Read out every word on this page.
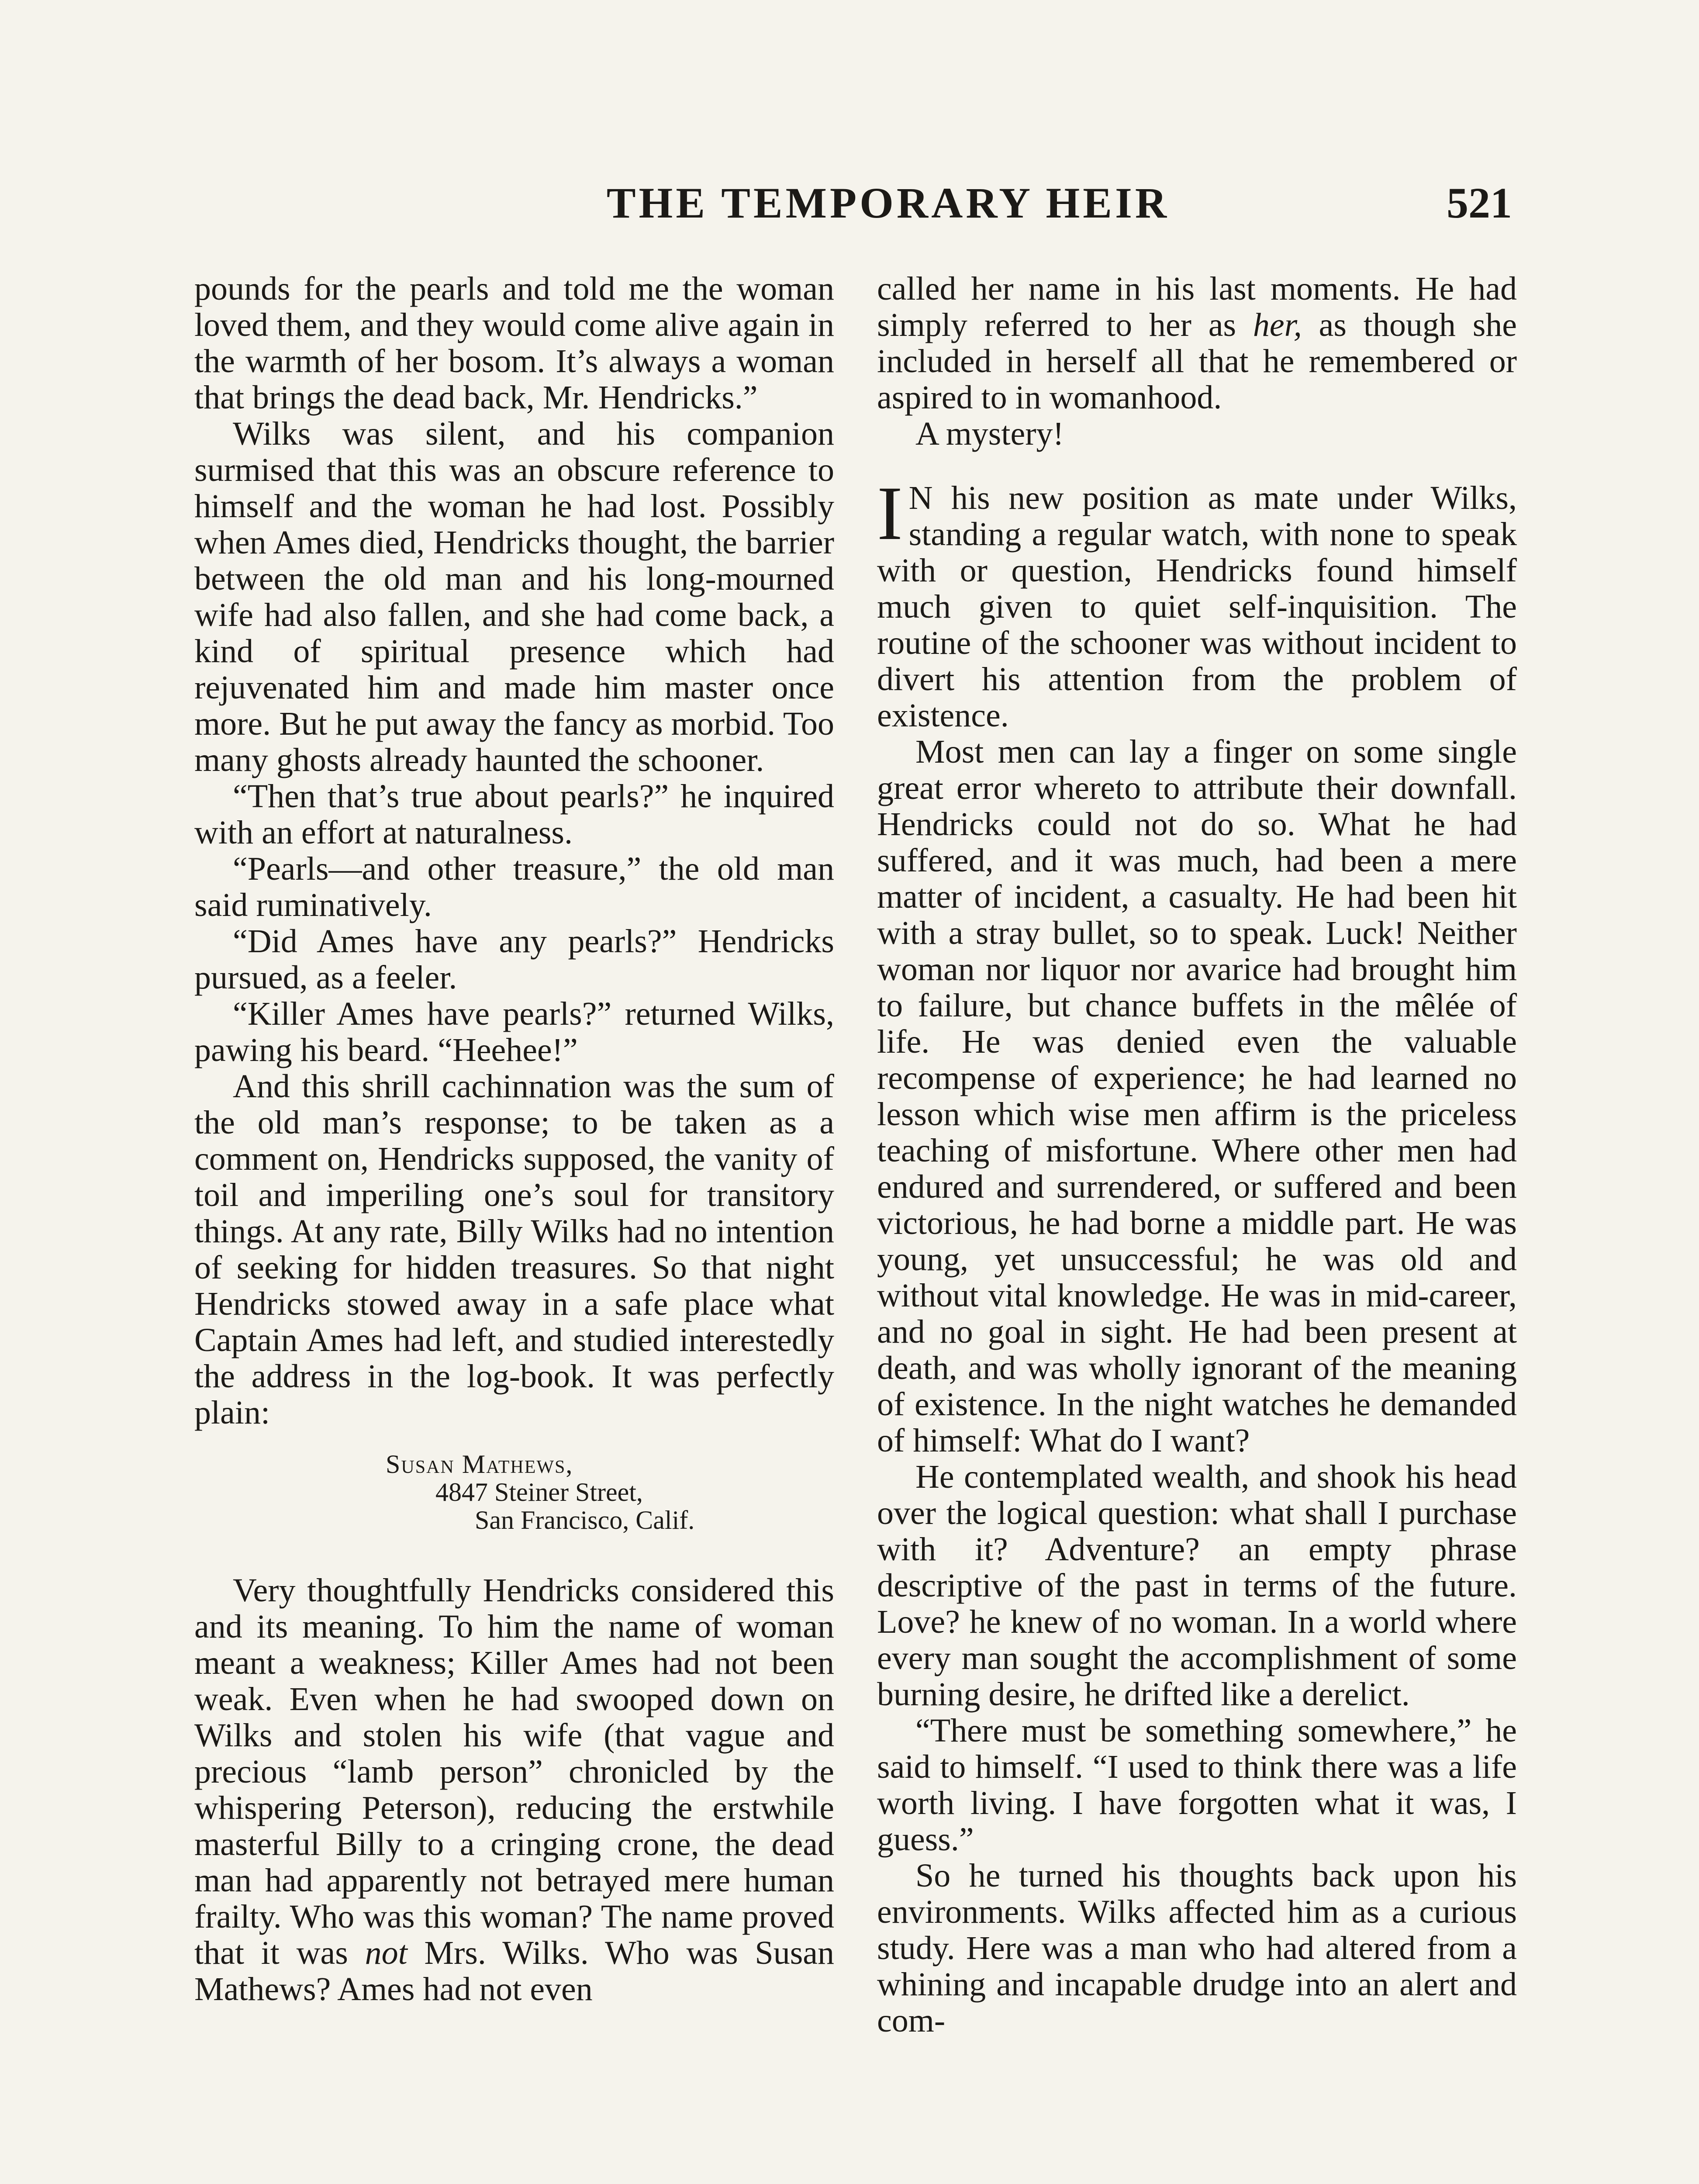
THE TEMPORARY HEIR	521

pounds for the pearls and told me the woman loved them, and they would come alive again in the warmth of her bosom. It’s always a woman that brings the dead back, Mr. Hendricks.”

Wilks was silent, and his companion surmised that this was an obscure reference to himself and the woman he had lost. Possibly when Ames died, Hendricks thought, the barrier between the old man and his long-mourned wife had also fallen, and she had come back, a kind of spiritual presence which had rejuvenated him and made him master once more. But he put away the fancy as morbid. Too many ghosts already haunted the schooner.

“Then that’s true about pearls?” he inquired with an effort at naturalness.

“Pearls—and other treasure,” the old man said ruminatively.

“Did Ames have any pearls?” Hendricks pursued, as a feeler.

“Killer Ames have pearls?” returned Wilks, pawing his beard. “Heehee!”

And this shrill cachinnation was the sum of the old man’s response; to be taken as a comment on, Hendricks supposed, the vanity of toil and imperiling one’s soul for transitory things. At any rate, Billy Wilks had no intention of seeking for hidden treasures. So that night Hendricks stowed away in a safe place what Captain Ames had left, and studied interestedly the address in the log-book. It was perfectly plain:

Susan Mathews,
4847 Steiner Street,
San Francisco, Calif.

Very thoughtfully Hendricks considered this and its meaning. To him the name of woman meant a weakness; Killer Ames had not been weak. Even when he had swooped down on Wilks and stolen his wife (that vague and precious “lamb person” chronicled by the whispering Peterson), reducing the erstwhile masterful Billy to a cringing crone, the dead man had apparently not betrayed mere human frailty. Who was this woman? The name proved that it was not Mrs. Wilks. Who was Susan Mathews? Ames had not even

called her name in his last moments. He had simply referred to her as her, as though she included in herself all that he remembered or aspired to in womanhood.

A mystery!

I N his new position as mate under Wilks, standing a regular watch, with none to speak with or question, Hendricks found himself much given to quiet self-inquisition. The routine of the schooner was without incident to divert his attention from the problem of existence.

Most men can lay a finger on some single great error whereto to attribute their downfall. Hendricks could not do so. What he had suffered, and it was much, had been a mere matter of incident, a casualty. He had been hit with a stray bullet, so to speak. Luck! Neither woman nor liquor nor avarice had brought him to failure, but chance buffets in the mêlée of life. He was denied even the valuable recompense of experience; he had learned no lesson which wise men affirm is the priceless teaching of misfortune. Where other men had endured and surrendered, or suffered and been victorious, he had borne a middle part. He was young, yet unsuccessful; he was old and without vital knowledge. He was in mid-career, and no goal in sight. He had been present at death, and was wholly ignorant of the meaning of existence. In the night watches he demanded of himself: What do I want?

He contemplated wealth, and shook his head over the logical question: what shall I purchase with it? Adventure? an empty phrase descriptive of the past in terms of the future. Love? he knew of no woman. In a world where every man sought the accomplishment of some burning desire, he drifted like a derelict.

“There must be something somewhere,” he said to himself. “I used to think there was a life worth living. I have forgotten what it was, I guess.”

So he turned his thoughts back upon his environments. Wilks affected him as a curious study. Here was a man who had altered from a whining and incapable drudge into an alert and com-
